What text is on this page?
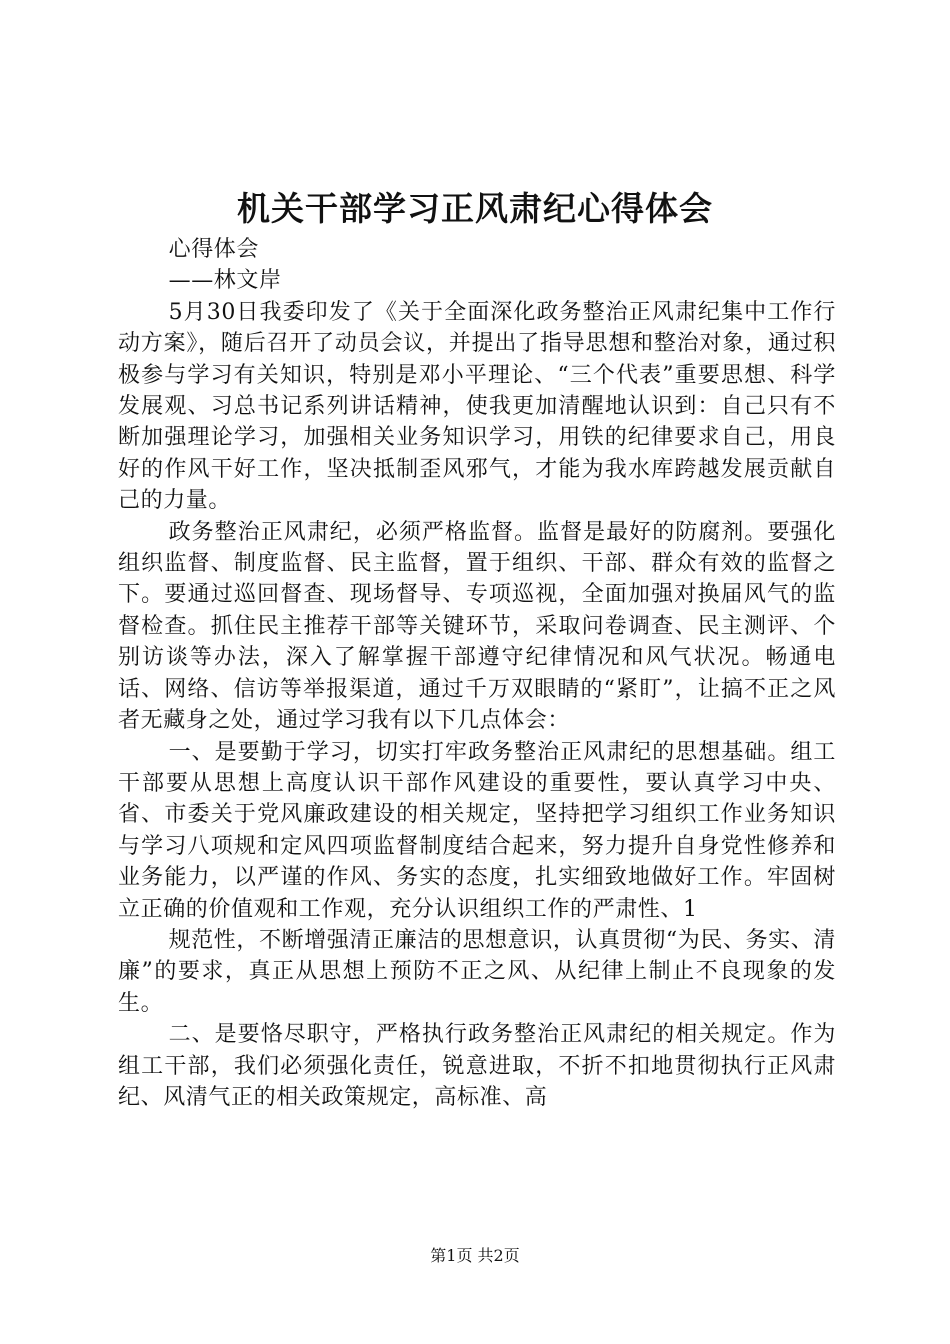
机关干部学习正风肃纪心得体会

心得体会

——林文岸

5月30日我委印发了《关于全面深化政务整治正风肃纪集中工作行动方案》，随后召开了动员会议，并提出了指导思想和整治对象，通过积极参与学习有关知识，特别是邓小平理论、“三个代表”重要思想、科学发展观、习总书记系列讲话精神，使我更加清醒地认识到：自己只有不断加强理论学习，加强相关业务知识学习，用铁的纪律要求自己，用良好的作风干好工作，坚决抵制歪风邪气，才能为我水库跨越发展贡献自己的力量。

政务整治正风肃纪，必须严格监督。监督是最好的防腐剂。要强化组织监督、制度监督、民主监督，置于组织、干部、群众有效的监督之下。要通过巡回督查、现场督导、专项巡视，全面加强对换届风气的监督检查。抓住民主推荐干部等关键环节，采取问卷调查、民主测评、个别访谈等办法，深入了解掌握干部遵守纪律情况和风气状况。畅通电话、网络、信访等举报渠道，通过千万双眼睛的“紧盯”，让搞不正之风者无藏身之处，通过学习我有以下几点体会：

一、是要勤于学习，切实打牢政务整治正风肃纪的思想基础。组工干部要从思想上高度认识干部作风建设的重要性，要认真学习中央、省、市委关于党风廉政建设的相关规定，坚持把学习组织工作业务知识与学习八项规和定风四项监督制度结合起来，努力提升自身党性修养和业务能力，以严谨的作风、务实的态度，扎实细致地做好工作。牢固树立正确的价值观和工作观，充分认识组织工作的严肃性、1

规范性，不断增强清正廉洁的思想意识，认真贯彻“为民、务实、清廉”的要求，真正从思想上预防不正之风、从纪律上制止不良现象的发生。

二、是要恪尽职守，严格执行政务整治正风肃纪的相关规定。作为组工干部，我们必须强化责任，锐意进取，不折不扣地贯彻执行正风肃纪、风清气正的相关政策规定，高标准、高

第1页 共2页
